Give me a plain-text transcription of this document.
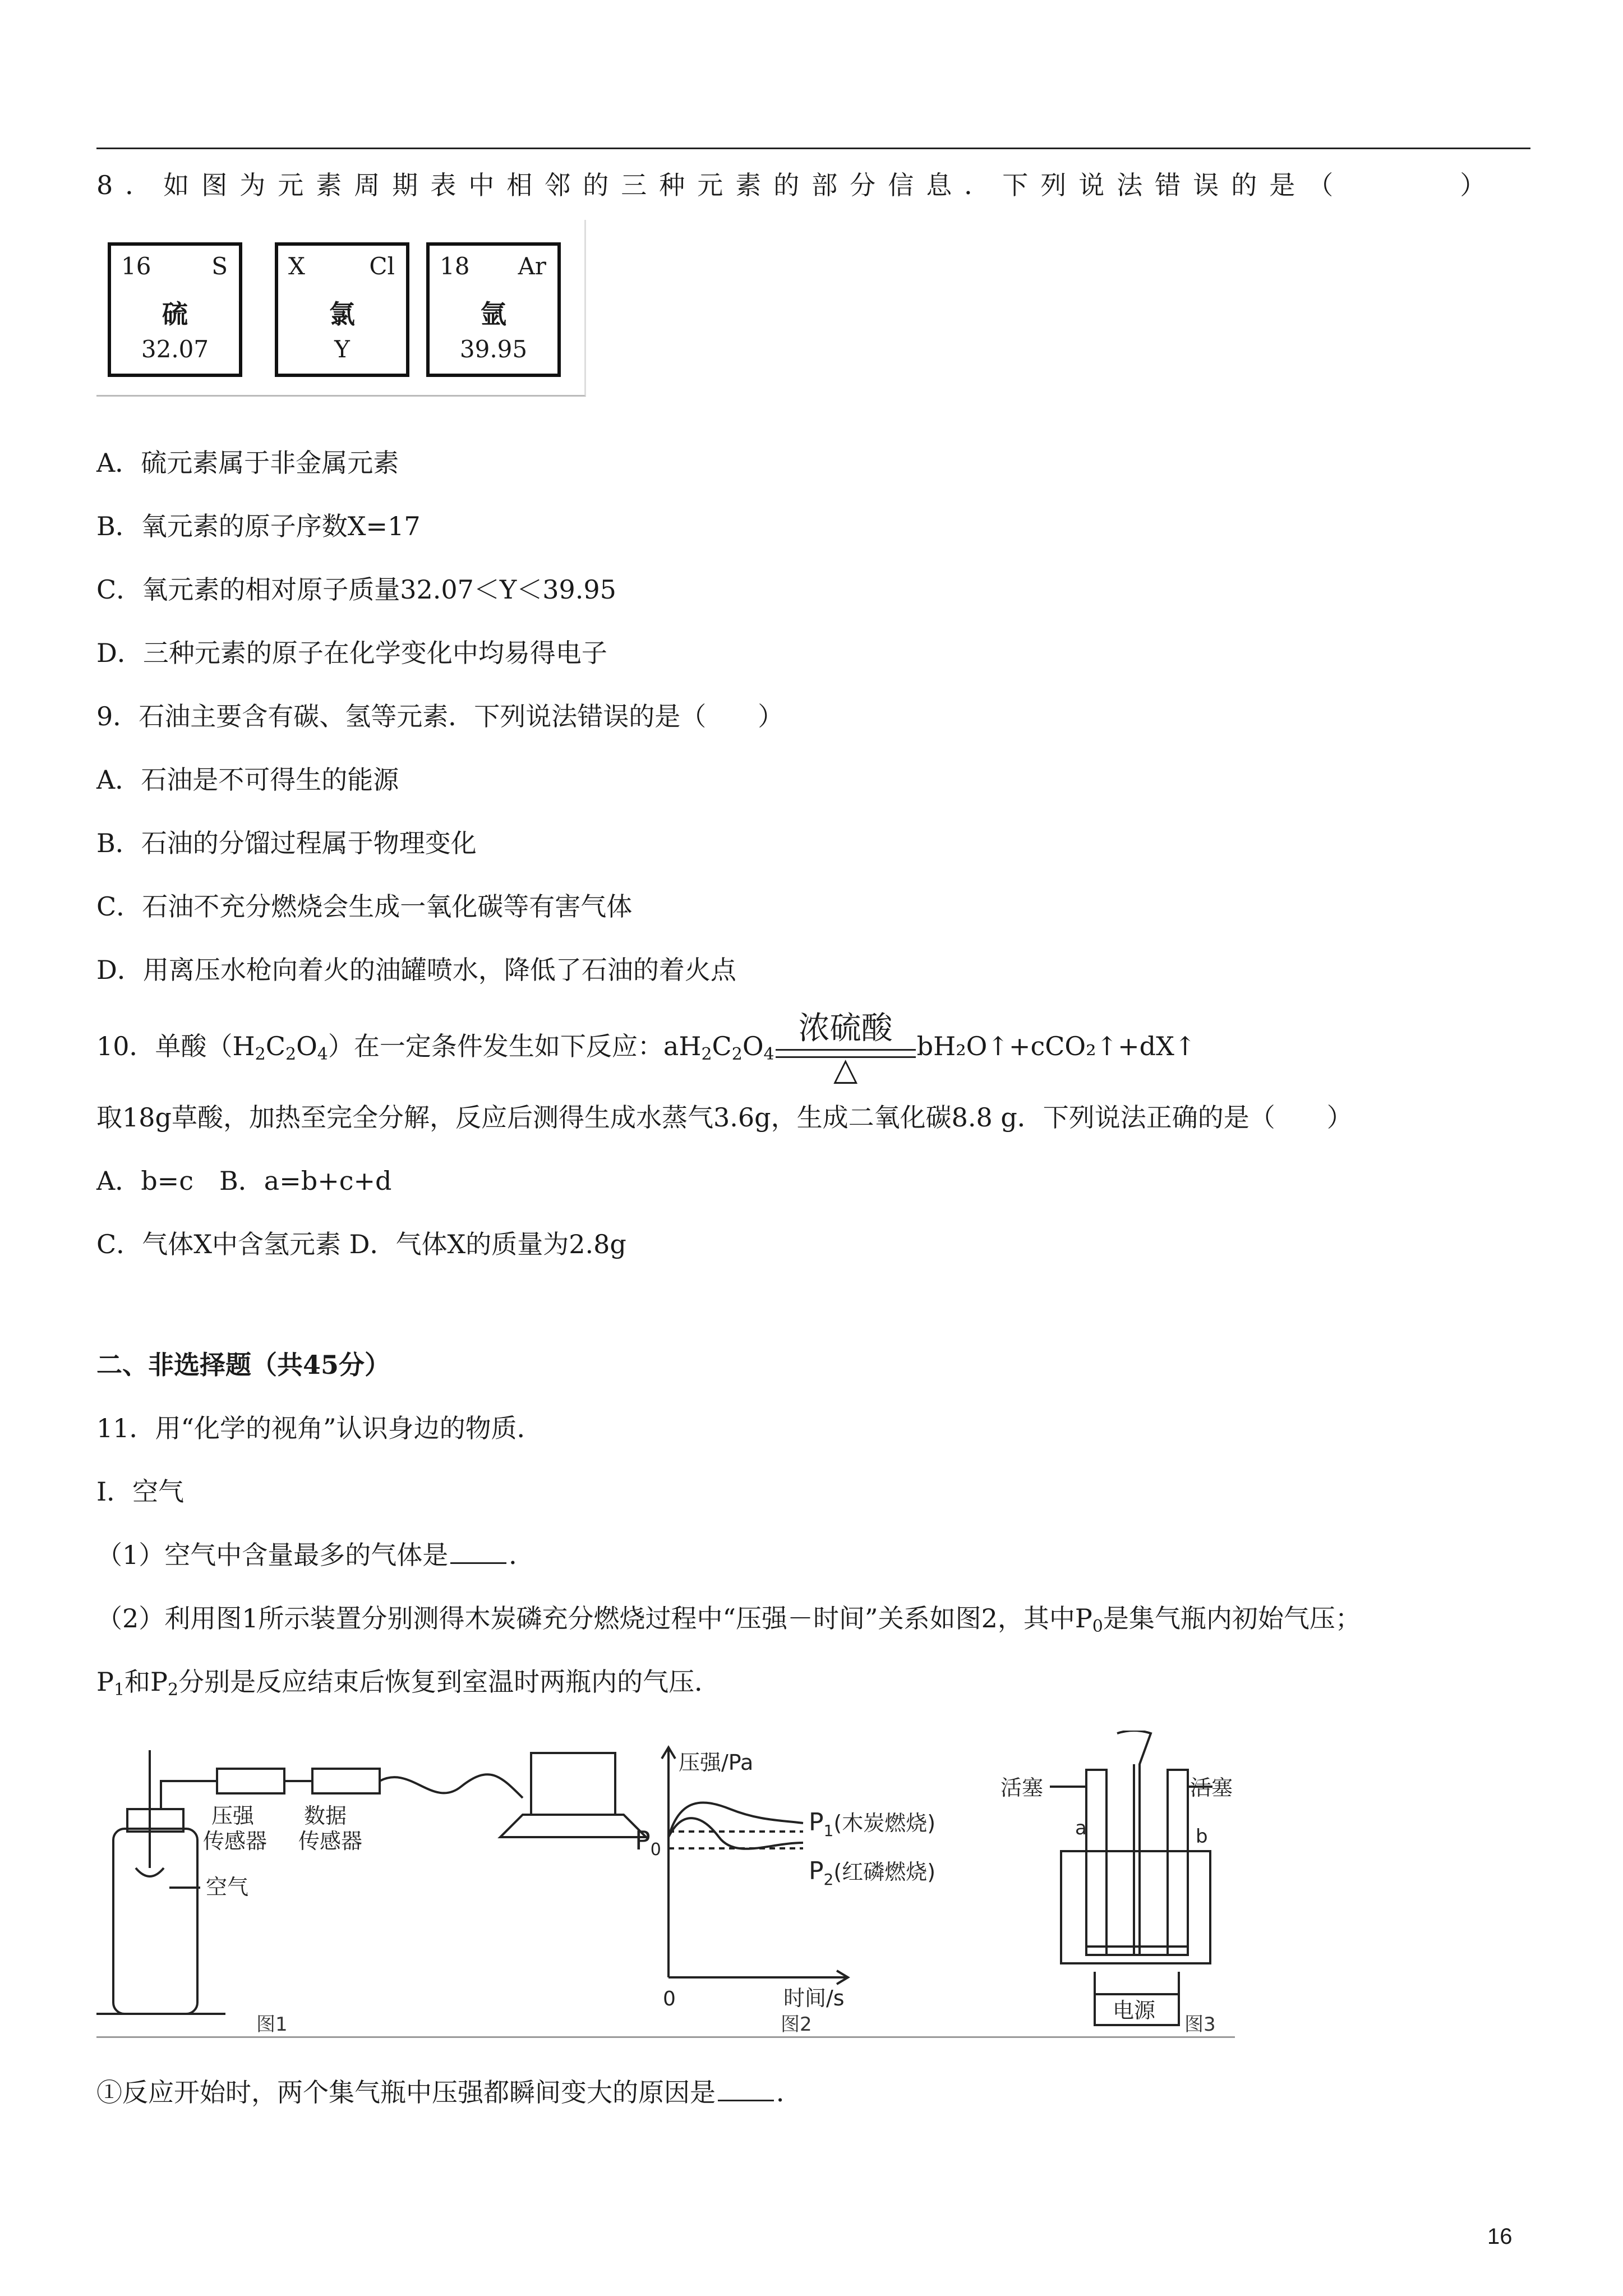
8．如图为元素周期表中相邻的三种元素的部分信息．下列说法错误的是（　　　）
16	S
硫
32.07
X	Cl
氯
Y
18 Ar
氩
39.95
A．硫元素属于非金属元素
B．氧元素的原子序数X=17
C．氧元素的相对原子质量32.07＜Y＜39.95
D．三种元素的原子在化学变化中均易得电子
9．石油主要含有碳、氢等元素．下列说法错误的是（　　）
A．石油是不可得生的能源
B．石油的分馏过程属于物理变化
C．石油不充分燃烧会生成一氧化碳等有害气体
D．用离压水枪向着火的油罐喷水，降低了石油的着火点
10．单酸$(H_2C_2O_4)$在一定条件发生如下反应：$aH_2C_2O_4$
浓硫酸
△
bH₂O↑+cCO₂↑+dX↑
取18g草酸，加热至完全分解，反应后测得生成水蒸气3.6g，生成二氧化碳8.8 g．下列说法正确的是（　　）
A．b=c　B．a=b+c+d
C．气体X中含氢元素 D．气体X的质量为2.8g
二、非选择题（共45分）
11．用“化学的视角”认识身边的物质．
I．空气
（1）空气中含量最多的气体是 ．
（2）利用图1所示装置分别测得木炭磷充分燃烧过程中“压强－时间”关系如图2，其中$P_0$是集气瓶内初始气压；
$P_1$和$P_2$分别是反应结束后恢复到室温时两瓶内的气压．
压强
传感器
数据
传感器
空气
图1
压强/Pa
时间/s
0
$P_0$
$P_1$(木炭燃烧)
$P_2$(红磷燃烧)
图2
活塞	活塞
a	b
电源
图3
①反应开始时，两个集气瓶中压强都瞬间变大的原因是 ．
16
